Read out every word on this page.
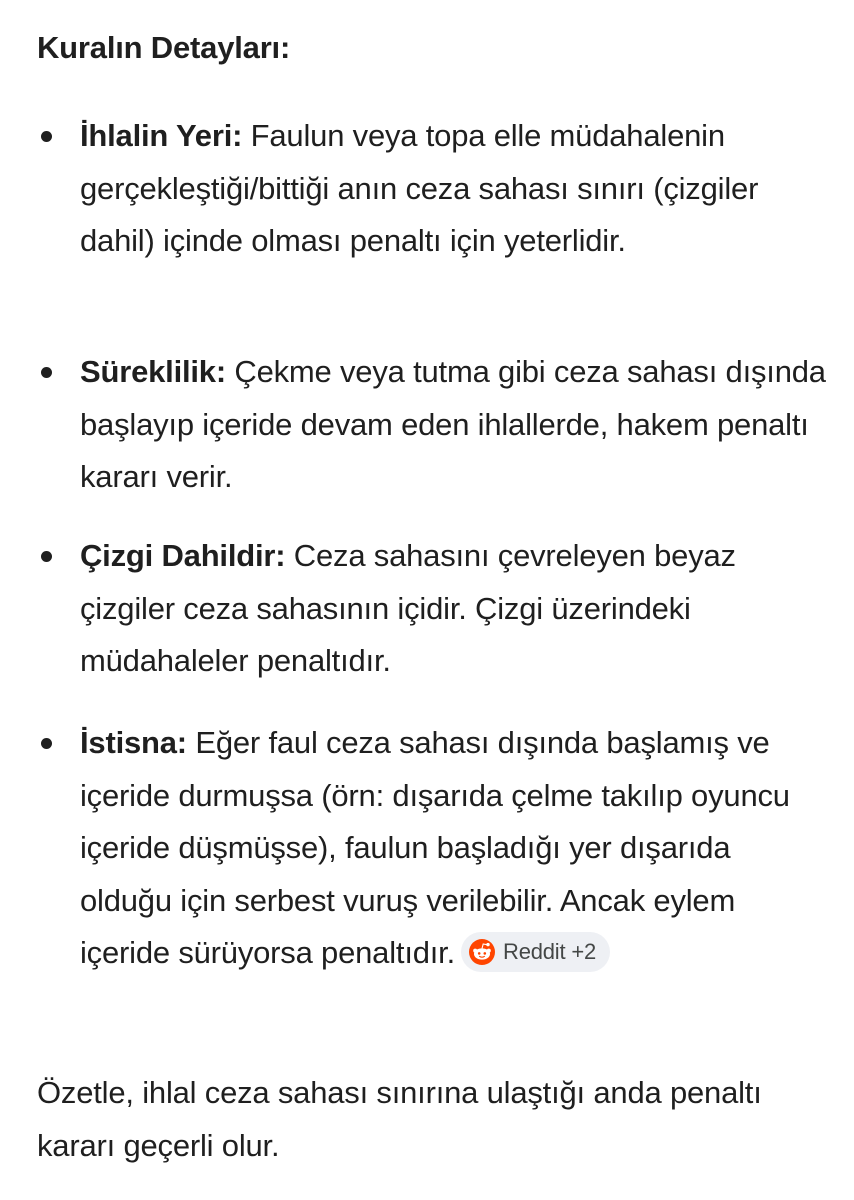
Kuralın Detayları:

İhlalin Yeri: Faulun veya topa elle müdahalenin gerçekleştiği/bittiği anın ceza sahası sınırı (çizgiler dahil) içinde olması penaltı için yeterlidir.

Süreklilik: Çekme veya tutma gibi ceza sahası dışında başlayıp içeride devam eden ihlallerde, hakem penaltı kararı verir.

Çizgi Dahildir: Ceza sahasını çevreleyen beyaz çizgiler ceza sahasının içidir. Çizgi üzerindeki müdahaleler penaltıdır.

İstisna: Eğer faul ceza sahası dışında başlamış ve içeride durmuşsa (örn: dışarıda çelme takılıp oyuncu içeride düşmüşse), faulun başladığı yer dışarıda olduğu için serbest vuruş verilebilir. Ancak eylem içeride sürüyorsa penaltıdır. Reddit +2

Özetle, ihlal ceza sahası sınırına ulaştığı anda penaltı kararı geçerli olur.
